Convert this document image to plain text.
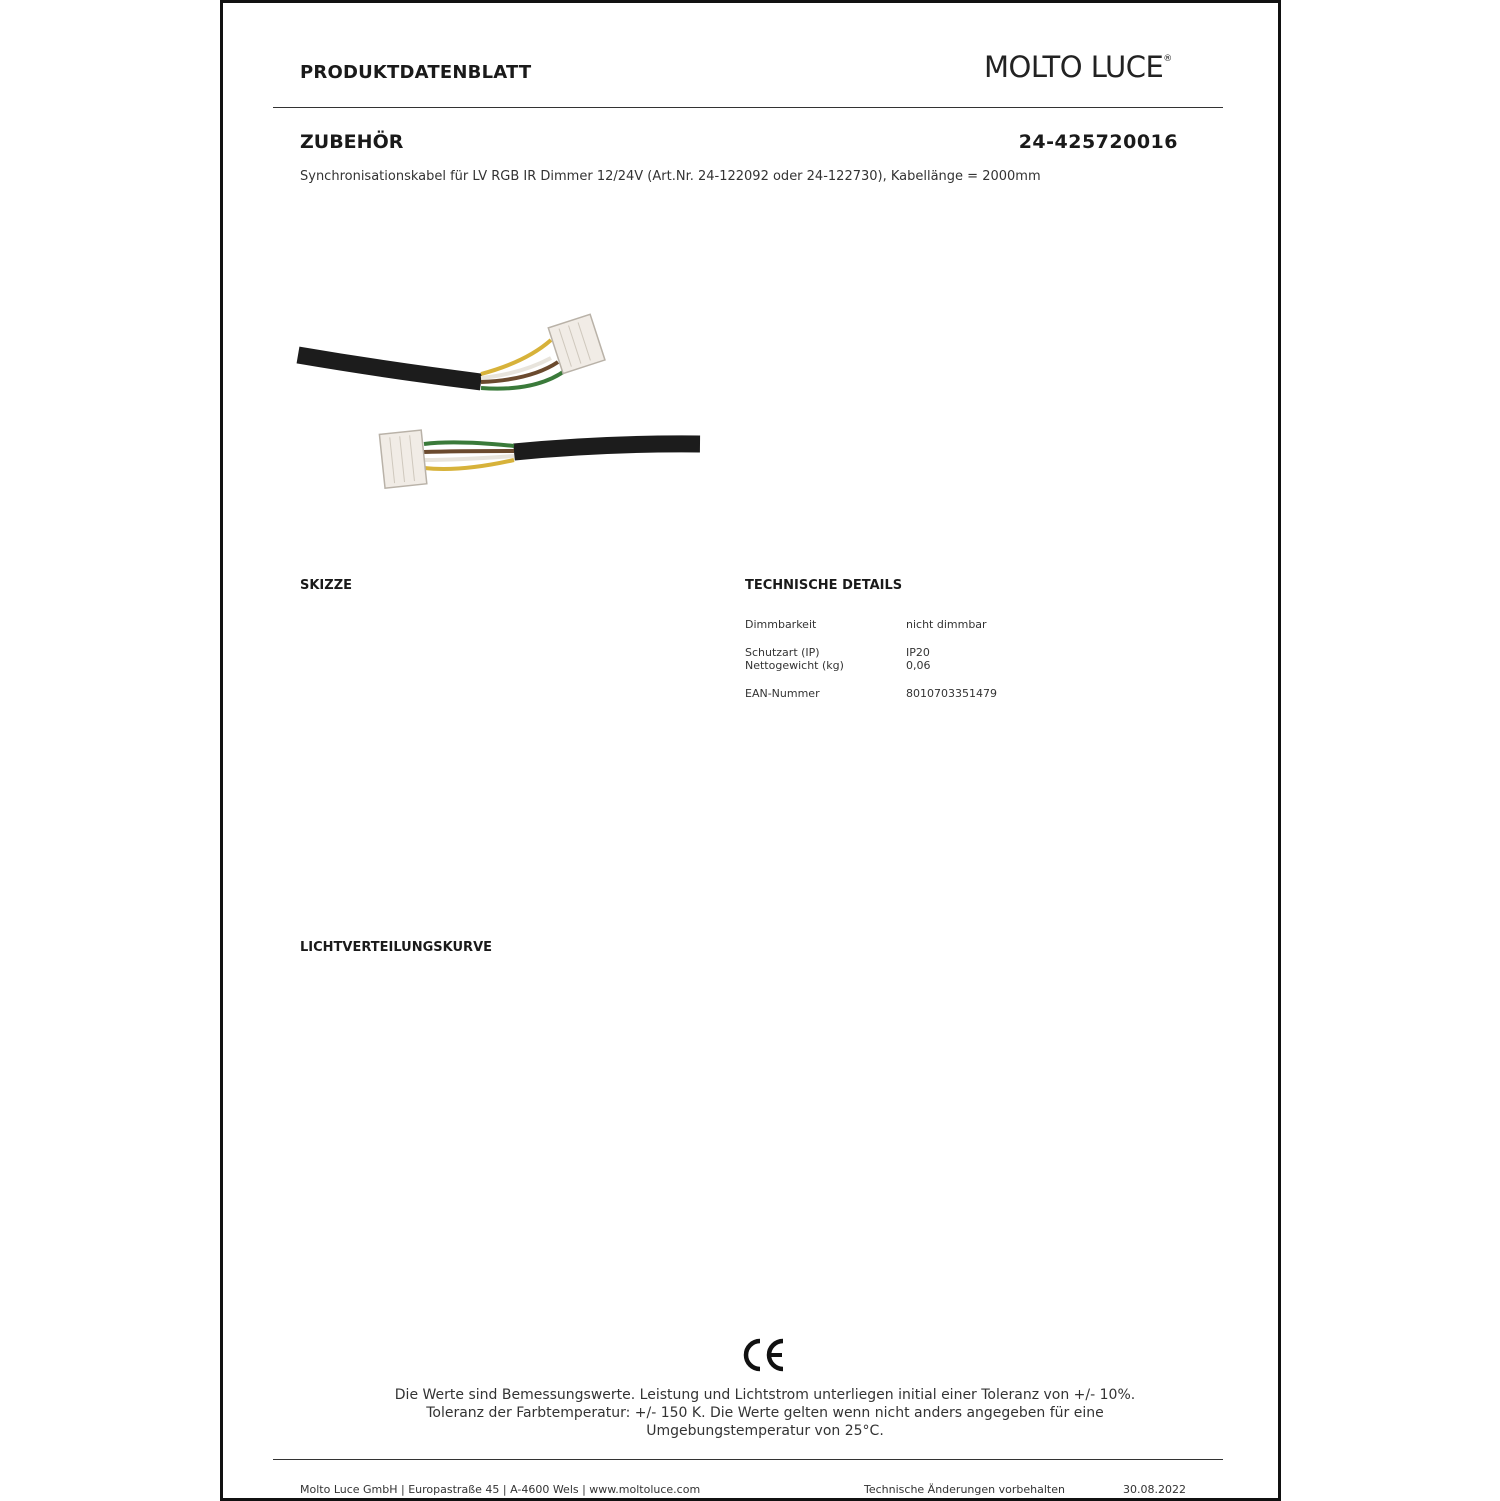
PRODUKTDATENBLATT	MOLTO LUCE®
ZUBEHÖR	24-425720016
Synchronisationskabel für LV RGB IR Dimmer 12/24V (Art.Nr. 24-122092 oder 24-122730), Kabellänge = 2000mm
SKIZZE	TECHNISCHE DETAILS
Dimmbarkeit	nicht dimmbar
Schutzart (IP)	IP20
Nettogewicht (kg)	0,06
EAN-Nummer	8010703351479
LICHTVERTEILUNGSKURVE
Die Werte sind Bemessungswerte. Leistung und Lichtstrom unterliegen initial einer Toleranz von +/- 10%.
Toleranz der Farbtemperatur: +/- 150 K. Die Werte gelten wenn nicht anders angegeben für eine
Umgebungstemperatur von 25°C.
Molto Luce GmbH | Europastraße 45 | A-4600 Wels | www.moltoluce.com	Technische Änderungen vorbehalten	30.08.2022
